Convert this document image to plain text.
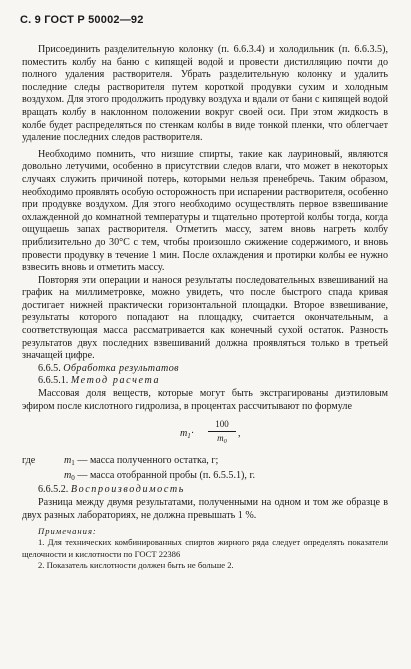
С. 9 ГОСТ Р 50002—92

Присоединить разделительную колонку (п. 6.6.3.4) и холодильник (п. 6.6.3.5), поместить колбу на баню с кипящей водой и провести дистилляцию почти до полного удаления растворителя. Убрать разделительную колонку и удалить последние следы растворителя путем короткой продувки сухим и холодным воздухом. Для этого продолжить продувку воздуха и вдали от бани с кипящей водой вращать колбу в наклонном положении вокруг своей оси. При этом жидкость в колбе будет распределяться по стенкам колбы в виде тонкой пленки, что облегчает удаление последних следов растворителя.

Необходимо помнить, что низшие спирты, такие как лауриновый, являются довольно летучими, особенно в присутствии следов влаги, что может в некоторых случаях служить причиной потерь, которыми нельзя пренебречь. Таким образом, необходимо проявлять особую осторожность при испарении растворителя, особенно при продувке воздухом. Для этого необходимо осуществлять первое взвешивание охлажденной до комнатной температуры и тщательно протертой колбы тогда, когда ощущаешь запах растворителя. Отметить массу, затем вновь нагреть колбу приблизительно до 30°С с тем, чтобы произошло сжижение содержимого, и вновь провести продувку в течение 1 мин. После охлаждения и протирки колбы ее нужно взвесить вновь и отметить массу.

Повторяя эти операции и нанося результаты последовательных взвешиваний на график на миллиметровке, можно увидеть, что после быстрого спада кривая достигает нижней практически горизонтальной площадки. Второе взвешивание, результаты которого попадают на площадку, считается окончательным, а соответствующая масса рассматривается как конечный сухой остаток. Разность результатов двух последних взвешиваний должна проявляться только в третьей значащей цифре.

6.6.5. Обработка результатов

6.6.5.1. Метод расчета

Массовая доля веществ, которые могут быть экстрагированы диэтиловым эфиром после кислотного гидролиза, в процентах рассчитывают по формуле

$m_1\cdot \frac{100}{m_0}$ ,

где	$m_1$ — масса полученного остатка, г;

$m_0$ — масса отобранной пробы (п. 6.5.5.1), г.

6.6.5.2. Воспроизводимость

Разница между двумя результатами, полученными на одном и том же образце в двух разных лабораториях, не должна превышать 1 %.

Примечания:

1. Для технических комбинированных спиртов жирного ряда следует определять показатели щелочности и кислотности по ГОСТ 22386

2. Показатель кислотности должен быть не больше 2.
